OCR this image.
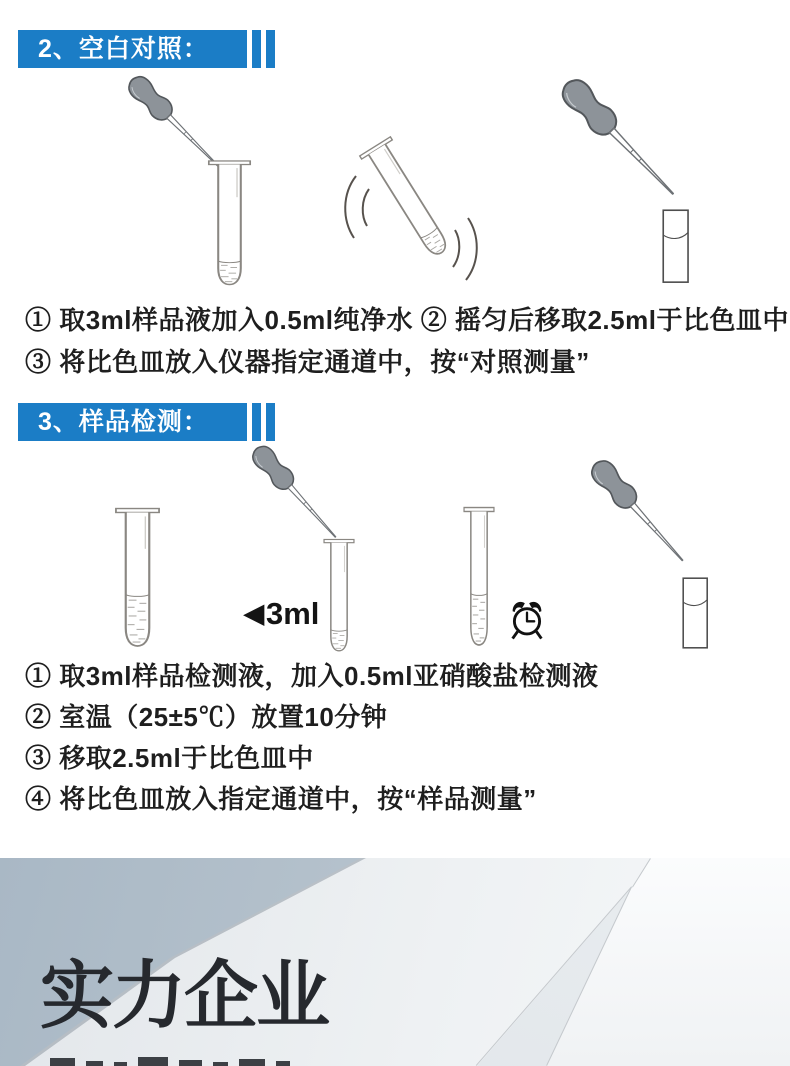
2、空白对照：

① 取3ml样品液加入0.5ml纯净水 ② 摇匀后移取2.5ml于比色皿中

③ 将比色皿放入仪器指定通道中，按“对照测量”

3、样品检测：
◀3ml

① 取3ml样品检测液，加入0.5ml亚硝酸盐检测液

② 室温（25±5℃）放置10分钟

③ 移取2.5ml于比色皿中

④ 将比色皿放入指定通道中，按“样品测量”

实力企业
